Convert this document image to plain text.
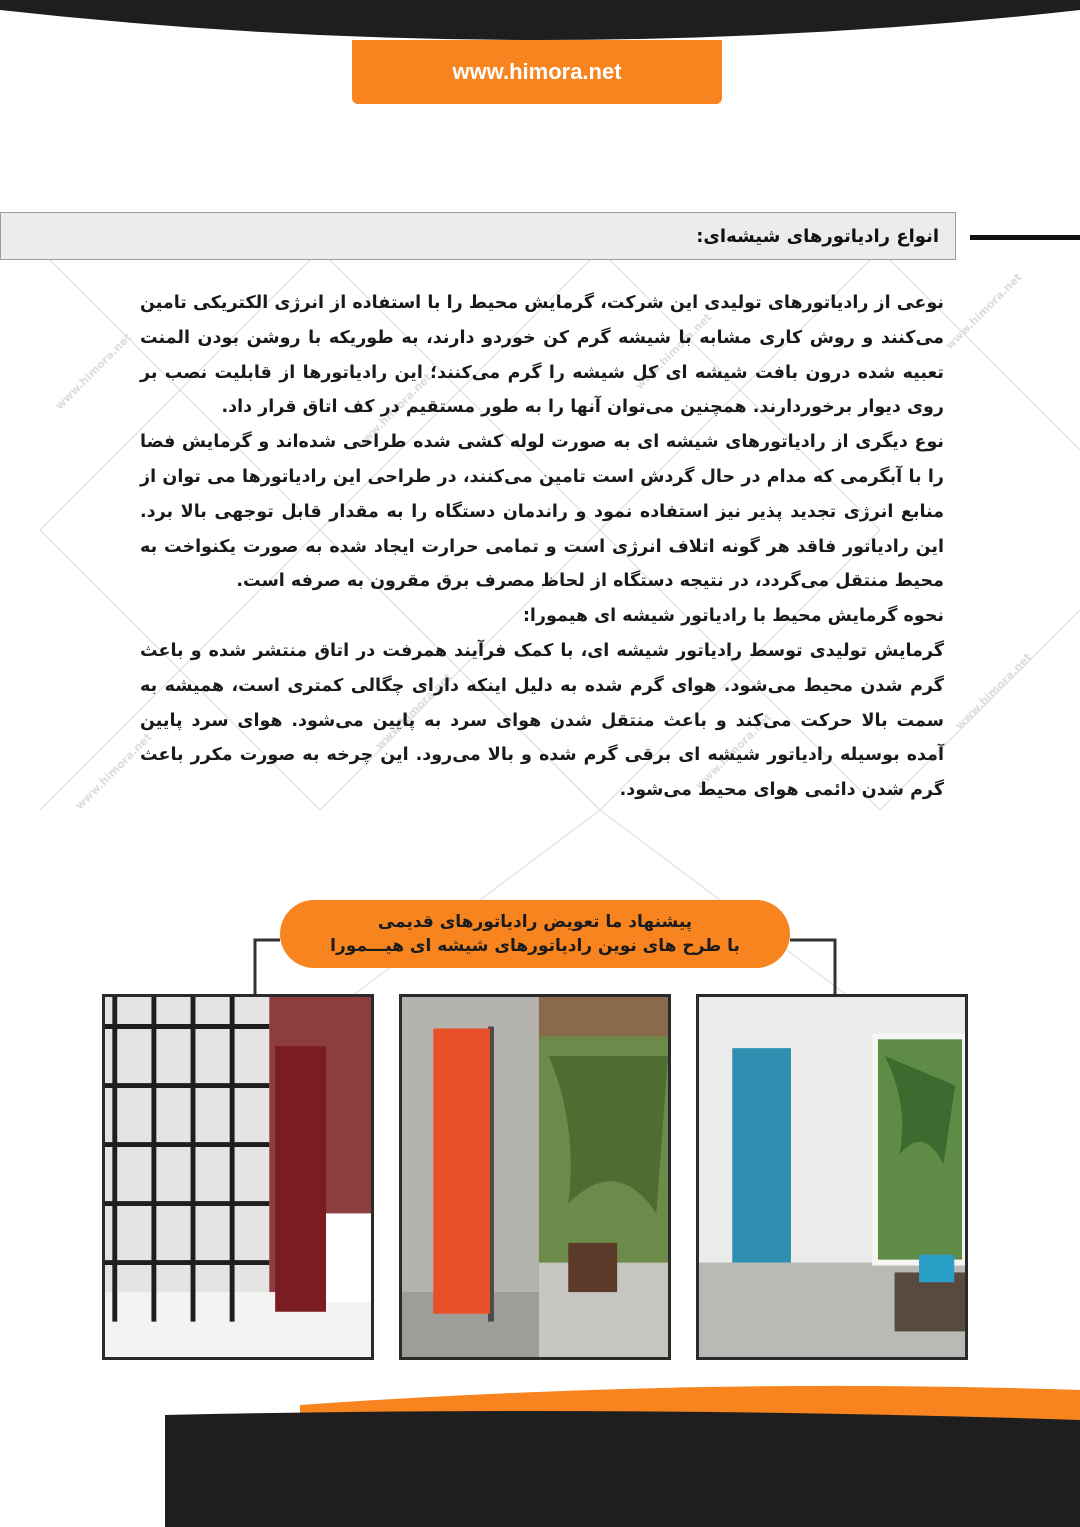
www.himora.net
www.himora.net	www.himora.net
www.himora.net	www.himora.net
www.himora.net
www.himora.net	www.himora.net
www.himora.net
انواع رادیاتورهای شیشه‌ای:

نوعی از رادیاتورهای تولیدی این شرکت، گرمایش محیط را با استفاده از انرژی الکتریکی تامین می‌کنند و روش کاری مشابه با شیشه گرم کن خوردو دارند، به طوریکه با روشن بودن المنت تعبیه شده درون بافت شیشه ای کل شیشه را گرم می‌کنند؛ این رادیاتورها از قابلیت نصب بر روی دیوار برخوردارند. همچنین می‌توان آنها را به طور مستقیم در کف اتاق قرار داد.

نوع دیگری از رادیاتورهای شیشه ای به صورت لوله کشی شده طراحی شده‌اند و گرمایش فضا را با آبگرمی که مدام در حال گردش است تامین می‌کنند، در طراحی این رادیاتورها می توان از منابع انرژی تجدید پذیر نیز استفاده نمود و راندمان دستگاه را به مقدار قابل توجهی بالا برد. این رادیاتور فاقد هر گونه اتلاف انرژی است و تمامی حرارت ایجاد شده به صورت یکنواخت به محیط منتقل می‌گردد، در نتیجه دستگاه از لحاظ مصرف برق مقرون به صرفه است.

نحوه گرمایش محیط با رادیاتور شیشه ای هیمورا:

گرمایش تولیدی توسط رادیاتور شیشه ای، با کمک فرآیند همرفت در اتاق منتشر شده و باعث گرم شدن محیط می‌شود. هوای گرم شده به دلیل اینکه دارای چگالی کمتری است، همیشه به سمت بالا حرکت می‌کند و باعث منتقل شدن هوای سرد به پایین می‌شود. هوای سرد پایین آمده بوسیله رادیاتور شیشه ای برقی گرم شده و بالا می‌رود. این چرخه به صورت مکرر باعث گرم شدن دائمی هوای محیط می‌شود.

پیشنهاد ما تعویض رادیاتورهای قدیمی
با طرح های نوین رادیاتورهای شیشه ای هیـــمورا
